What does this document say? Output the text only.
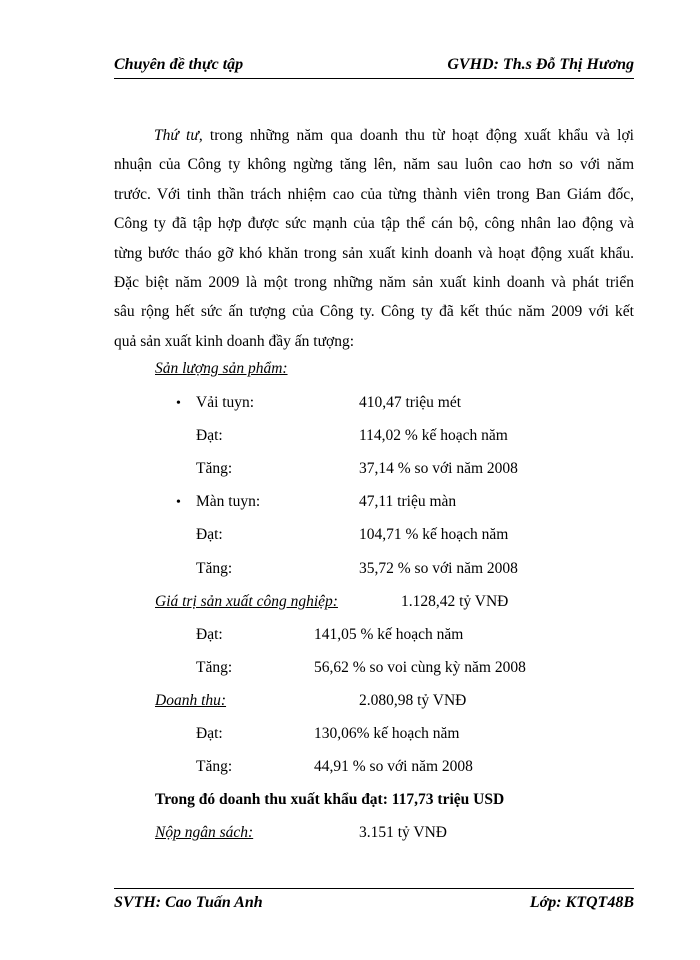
Chuyên đề thực tập	GVHD: Th.s Đỗ Thị Hương
Thứ tư, trong những năm qua doanh thu từ hoạt động xuất khẩu và lợi
nhuận của Công ty không ngừng tăng lên, năm sau luôn cao hơn so với năm
trước. Với tinh thần trách nhiệm cao của từng thành viên trong Ban Giám đốc,
Công ty đã tập hợp được sức mạnh của tập thể cán bộ, công nhân lao động và
từng bước tháo gỡ khó khăn trong sản xuất kinh doanh và hoạt động xuất khẩu.
Đặc biệt năm 2009 là một trong những năm sản xuất kinh doanh và phát triển
sâu rộng hết sức ấn tượng của Công ty. Công ty đã kết thúc năm 2009 với kết
quả sản xuất kinh doanh đầy ấn tượng:
Sản lượng sản phẩm:
• Vải tuyn:	410,47 triệu mét
Đạt:	114,02 % kế hoạch năm
Tăng:	37,14 % so với năm 2008
• Màn tuyn:	47,11 triệu màn
Đạt:	104,71 % kế hoạch năm
Tăng:	35,72 % so với năm 2008
Giá trị sản xuất công nghiệp:	1.128,42 tỷ VNĐ
Đạt:	141,05 % kế hoạch năm
Tăng:	56,62 % so voi cùng kỳ năm 2008
Doanh thu:	2.080,98 tỷ VNĐ
Đạt:	130,06% kế hoạch năm
Tăng:	44,91 % so với năm 2008
Trong đó doanh thu xuất khẩu đạt: 117,73 triệu USD
Nộp ngân sách:	3.151 tỷ VNĐ
SVTH: Cao Tuấn Anh	Lớp: KTQT48B
